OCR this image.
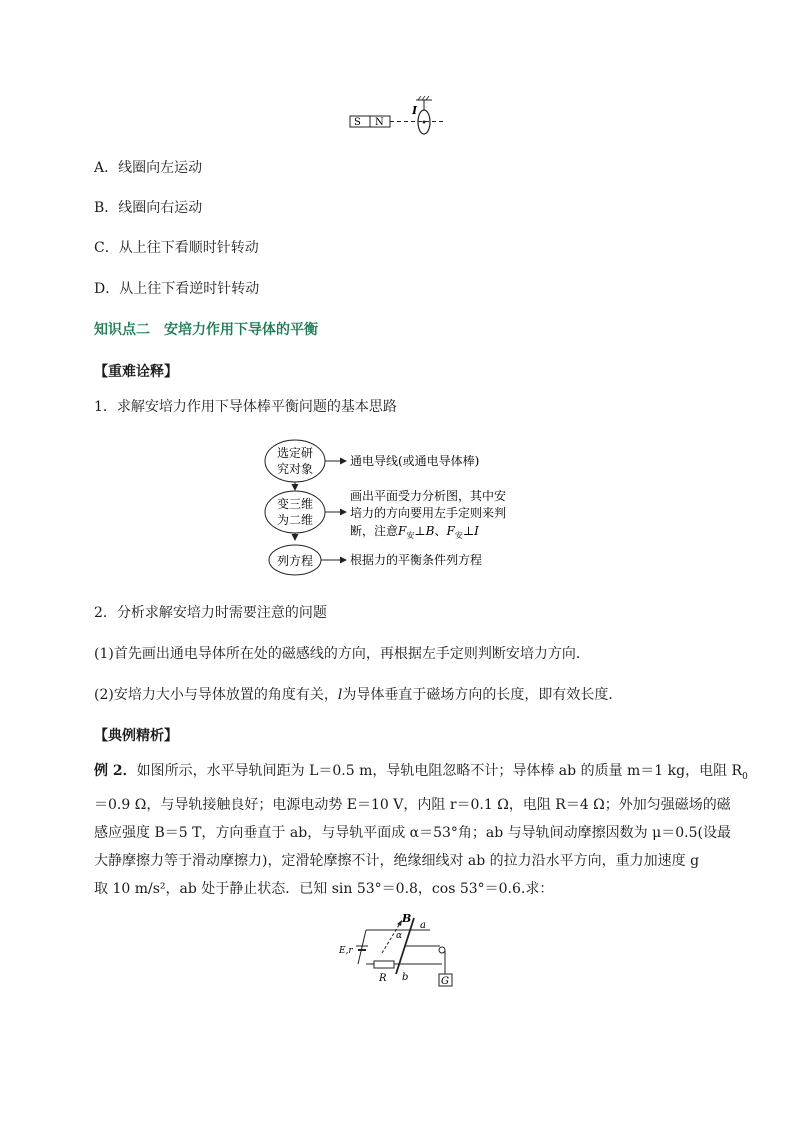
S N
I
A．线圈向左运动
B．线圈向右运动
C．从上往下看顺时针转动
D．从上往下看逆时针转动
知识点二　安培力作用下导体的平衡
【重难诠释】
1．求解安培力作用下导体棒平衡问题的基本思路
选定研
究对象
通电导线(或通电导体棒)
变三维
为二维
画出平面受力分析图，其中安
培力的方向要用左手定则来判
断，注意$F_安\perp B$、$F_安\perp I$
列方程	根据力的平衡条件列方程
2．分析求解安培力时需要注意的问题
(1)首先画出通电导体所在处的磁感线的方向，再根据左手定则判断安培力方向．
(2)安培力大小与导体放置的角度有关，l为导体垂直于磁场方向的长度，即有效长度．
【典例精析】
例 2．如图所示，水平导轨间距为 L＝0.5 m，导轨电阻忽略不计；导体棒 ab 的质量 m＝1 kg，电阻 $R_0$
＝0.9 Ω，与导轨接触良好；电源电动势 E＝10 V，内阻 r＝0.1 Ω，电阻 R＝4 Ω；外加匀强磁场的磁
感应强度 B＝5 T，方向垂直于 ab，与导轨平面成 α＝53°角；ab 与导轨间动摩擦因数为 μ＝0.5(设最
大静摩擦力等于滑动摩擦力)，定滑轮摩擦不计，绝缘细线对 ab 的拉力沿水平方向，重力加速度 g
取 10 m/s²，ab 处于静止状态．已知 sin 53°＝0.8，cos 53°＝0.6.求：
E,r
R
a
b
B
α
G
